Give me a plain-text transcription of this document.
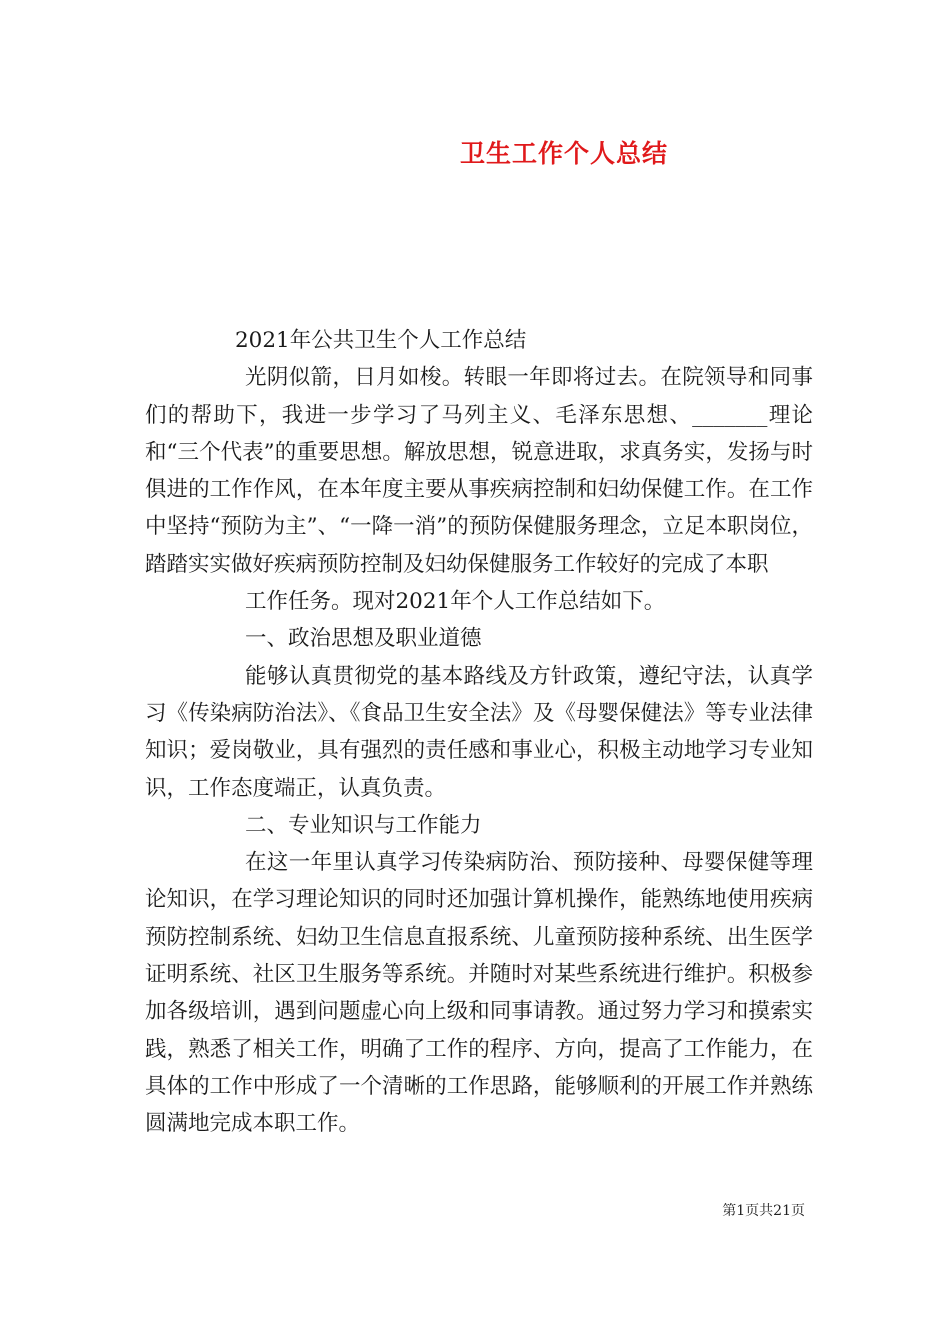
卫生工作个人总结

2021年公共卫生个人工作总结

光阴似箭，日月如梭。转眼一年即将过去。在院领导和同事们的帮助下，我进一步学习了马列主义、毛泽东思想、_______理论和“三个代表”的重要思想。解放思想，锐意进取，求真务实，发扬与时俱进的工作作风，在本年度主要从事疾病控制和妇幼保健工作。在工作中坚持“预防为主”、“一降一消”的预防保健服务理念，立足本职岗位，踏踏实实做好疾病预防控制及妇幼保健服务工作较好的完成了本职

工作任务。现对2021年个人工作总结如下。

一、政治思想及职业道德

能够认真贯彻党的基本路线及方针政策，遵纪守法，认真学习《传染病防治法》、《食品卫生安全法》及《母婴保健法》等专业法律知识；爱岗敬业，具有强烈的责任感和事业心，积极主动地学习专业知识，工作态度端正，认真负责。

二、专业知识与工作能力

在这一年里认真学习传染病防治、预防接种、母婴保健等理论知识，在学习理论知识的同时还加强计算机操作，能熟练地使用疾病预防控制系统、妇幼卫生信息直报系统、儿童预防接种系统、出生医学证明系统、社区卫生服务等系统。并随时对某些系统进行维护。积极参加各级培训，遇到问题虚心向上级和同事请教。通过努力学习和摸索实践，熟悉了相关工作，明确了工作的程序、方向，提高了工作能力，在具体的工作中形成了一个清晰的工作思路，能够顺利的开展工作并熟练圆满地完成本职工作。

第1页共21页
